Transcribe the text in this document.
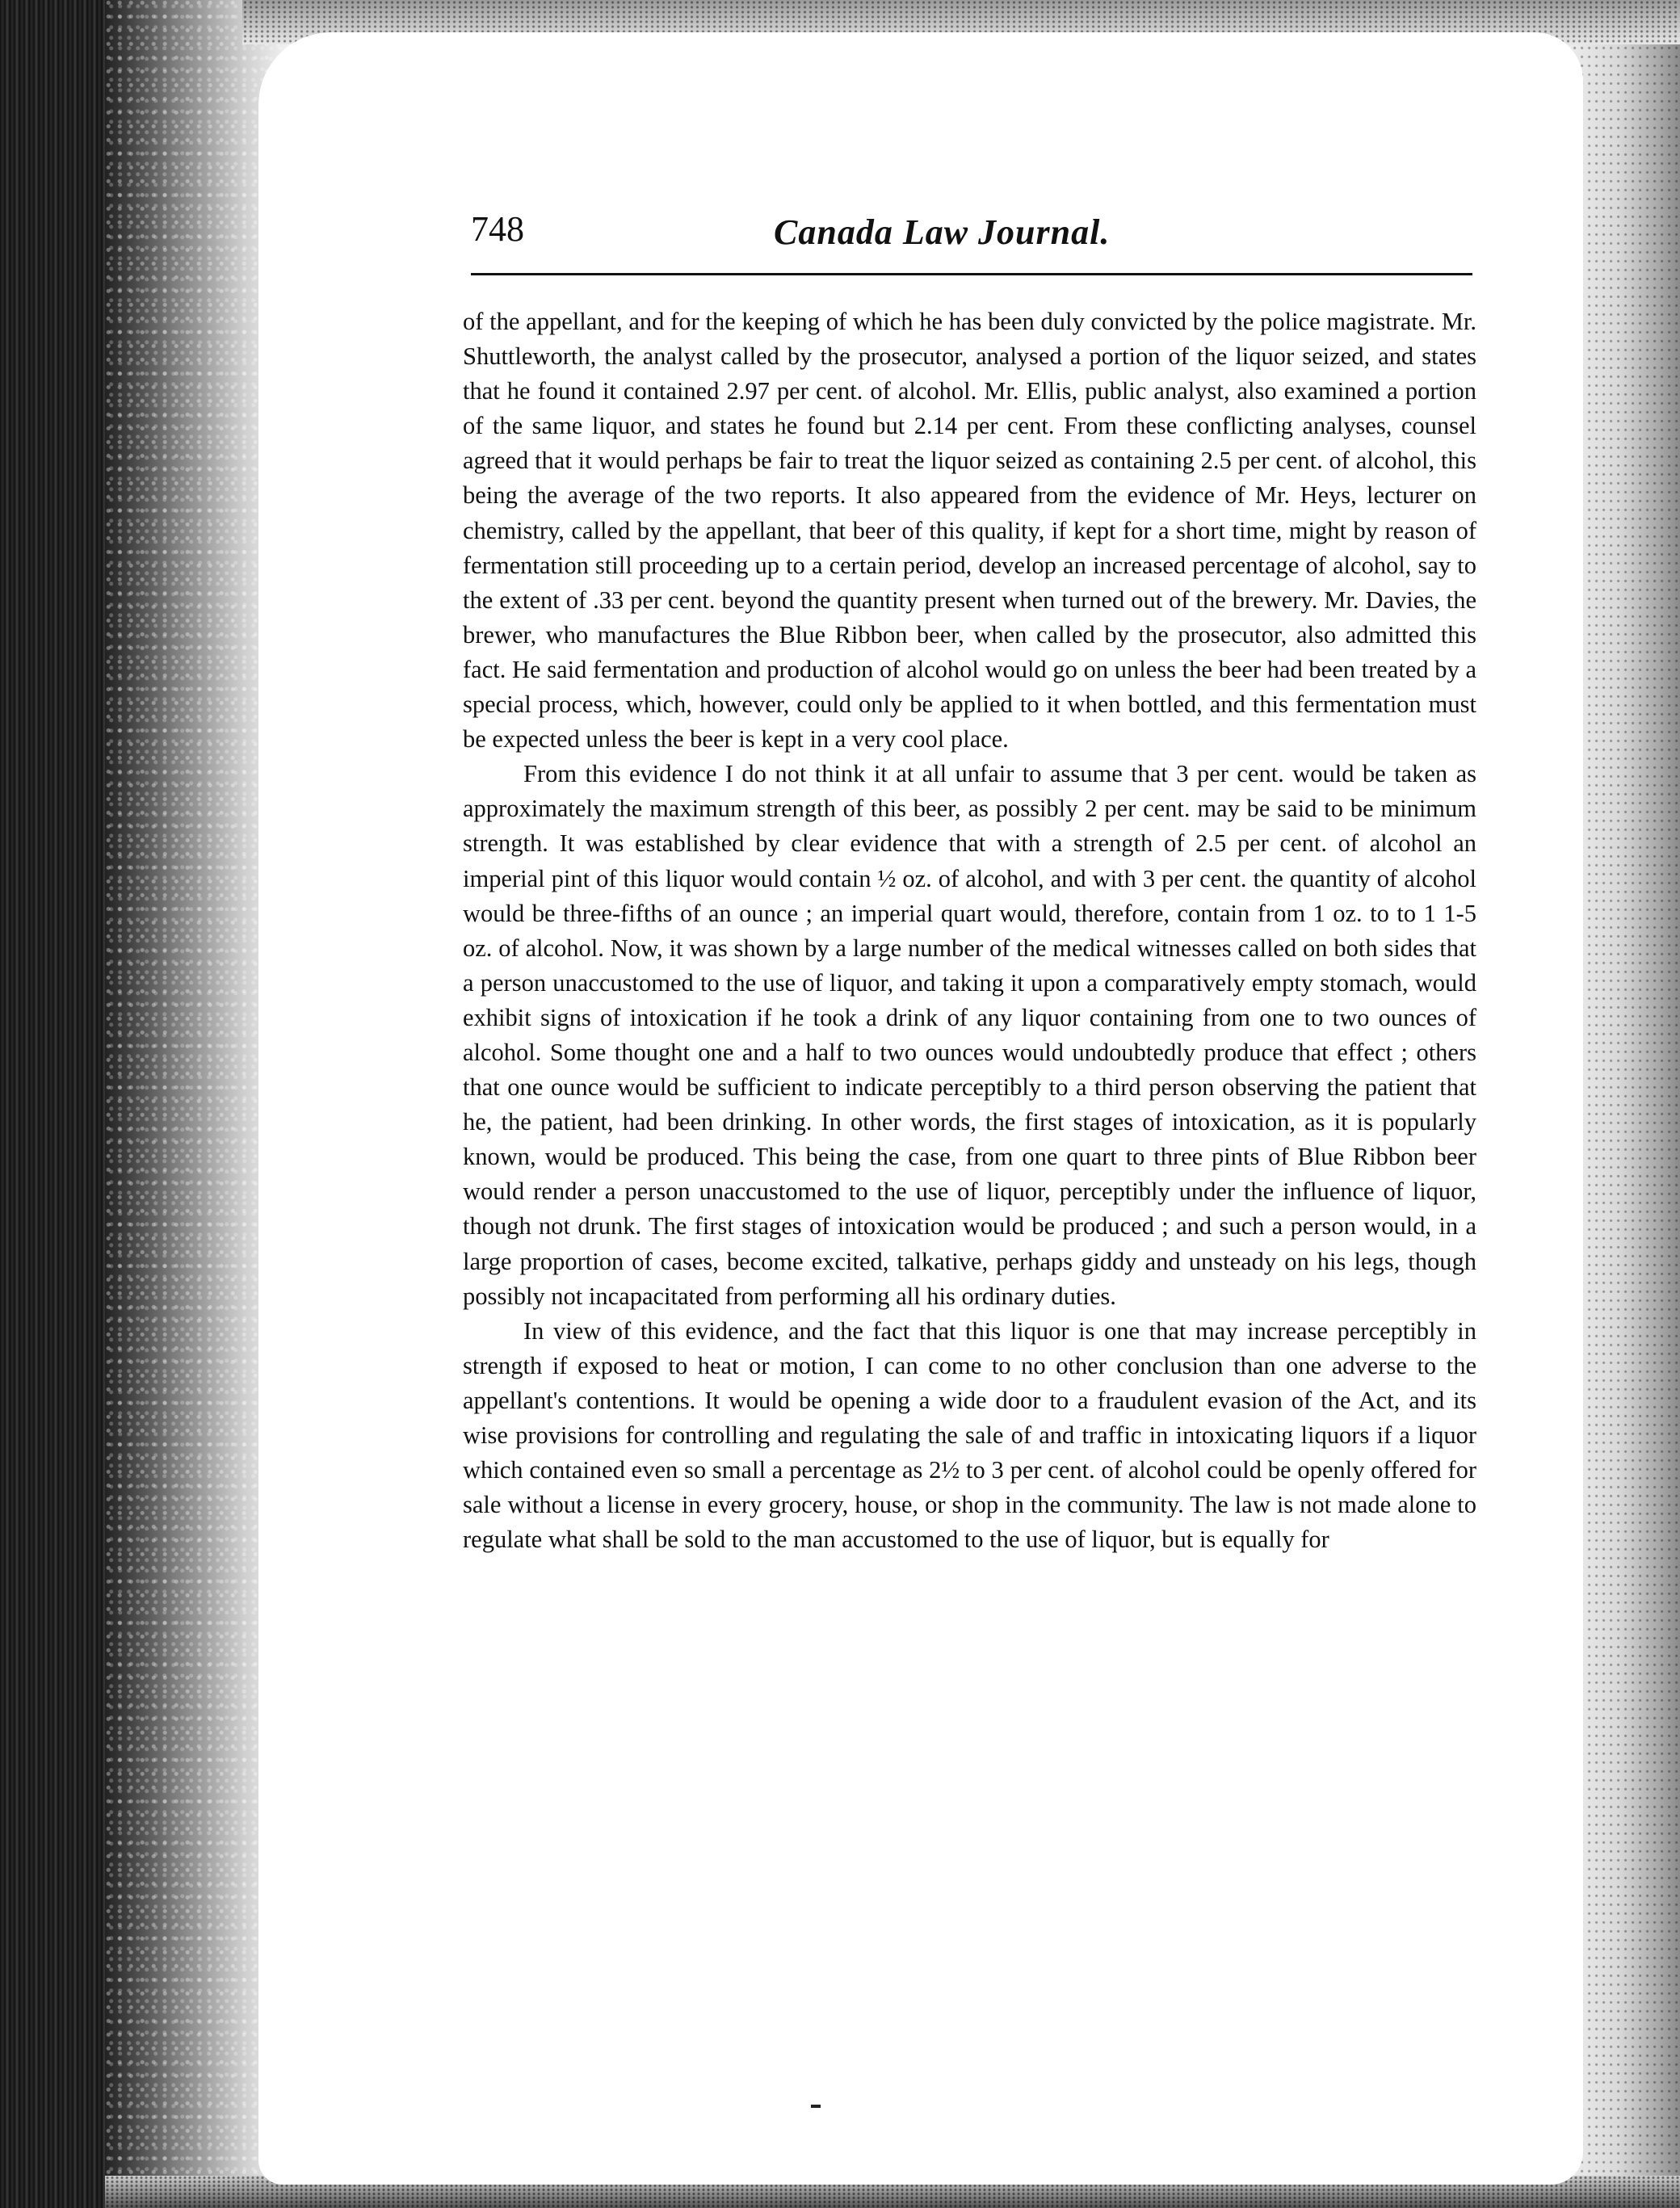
748	Canada Law Journal.

of the appellant, and for the keeping of which he has been duly convicted by the police magistrate. Mr. Shuttleworth, the analyst called by the prosecutor, analysed a portion of the liquor seized, and states that he found it contained 2.97 per cent. of alcohol. Mr. Ellis, public analyst, also examined a portion of the same liquor, and states he found but 2.14 per cent. From these conflicting analyses, counsel agreed that it would perhaps be fair to treat the liquor seized as containing 2.5 per cent. of alcohol, this being the average of the two reports. It also appeared from the evidence of Mr. Heys, lecturer on chemistry, called by the appellant, that beer of this quality, if kept for a short time, might by reason of fermentation still proceeding up to a certain period, develop an increased percentage of alcohol, say to the extent of .33 per cent. beyond the quantity present when turned out of the brewery. Mr. Davies, the brewer, who manufactures the Blue Ribbon beer, when called by the prosecutor, also admitted this fact. He said fermentation and production of alcohol would go on unless the beer had been treated by a special process, which, however, could only be applied to it when bottled, and this fermentation must be expected unless the beer is kept in a very cool place.

From this evidence I do not think it at all unfair to assume that 3 per cent. would be taken as approximately the maximum strength of this beer, as possibly 2 per cent. may be said to be minimum strength. It was established by clear evidence that with a strength of 2.5 per cent. of alcohol an imperial pint of this liquor would contain ½ oz. of alcohol, and with 3 per cent. the quantity of alcohol would be three-fifths of an ounce ; an imperial quart would, therefore, contain from 1 oz. to to 1 1-5 oz. of alcohol. Now, it was shown by a large number of the medical witnesses called on both sides that a person unaccustomed to the use of liquor, and taking it upon a comparatively empty stomach, would exhibit signs of intoxication if he took a drink of any liquor containing from one to two ounces of alcohol. Some thought one and a half to two ounces would undoubtedly produce that effect ; others that one ounce would be sufficient to indicate perceptibly to a third person observing the patient that he, the patient, had been drinking. In other words, the first stages of intoxication, as it is popularly known, would be produced. This being the case, from one quart to three pints of Blue Ribbon beer would render a person unaccustomed to the use of liquor, perceptibly under the influence of liquor, though not drunk. The first stages of intoxication would be produced ; and such a person would, in a large proportion of cases, become excited, talkative, perhaps giddy and unsteady on his legs, though possibly not incapacitated from performing all his ordinary duties.

In view of this evidence, and the fact that this liquor is one that may increase perceptibly in strength if exposed to heat or motion, I can come to no other conclusion than one adverse to the appellant's contentions. It would be opening a wide door to a fraudulent evasion of the Act, and its wise provisions for controlling and regulating the sale of and traffic in intoxicating liquors if a liquor which contained even so small a percentage as 2½ to 3 per cent. of alcohol could be openly offered for sale without a license in every grocery, house, or shop in the community. The law is not made alone to regulate what shall be sold to the man accustomed to the use of liquor, but is equally for
